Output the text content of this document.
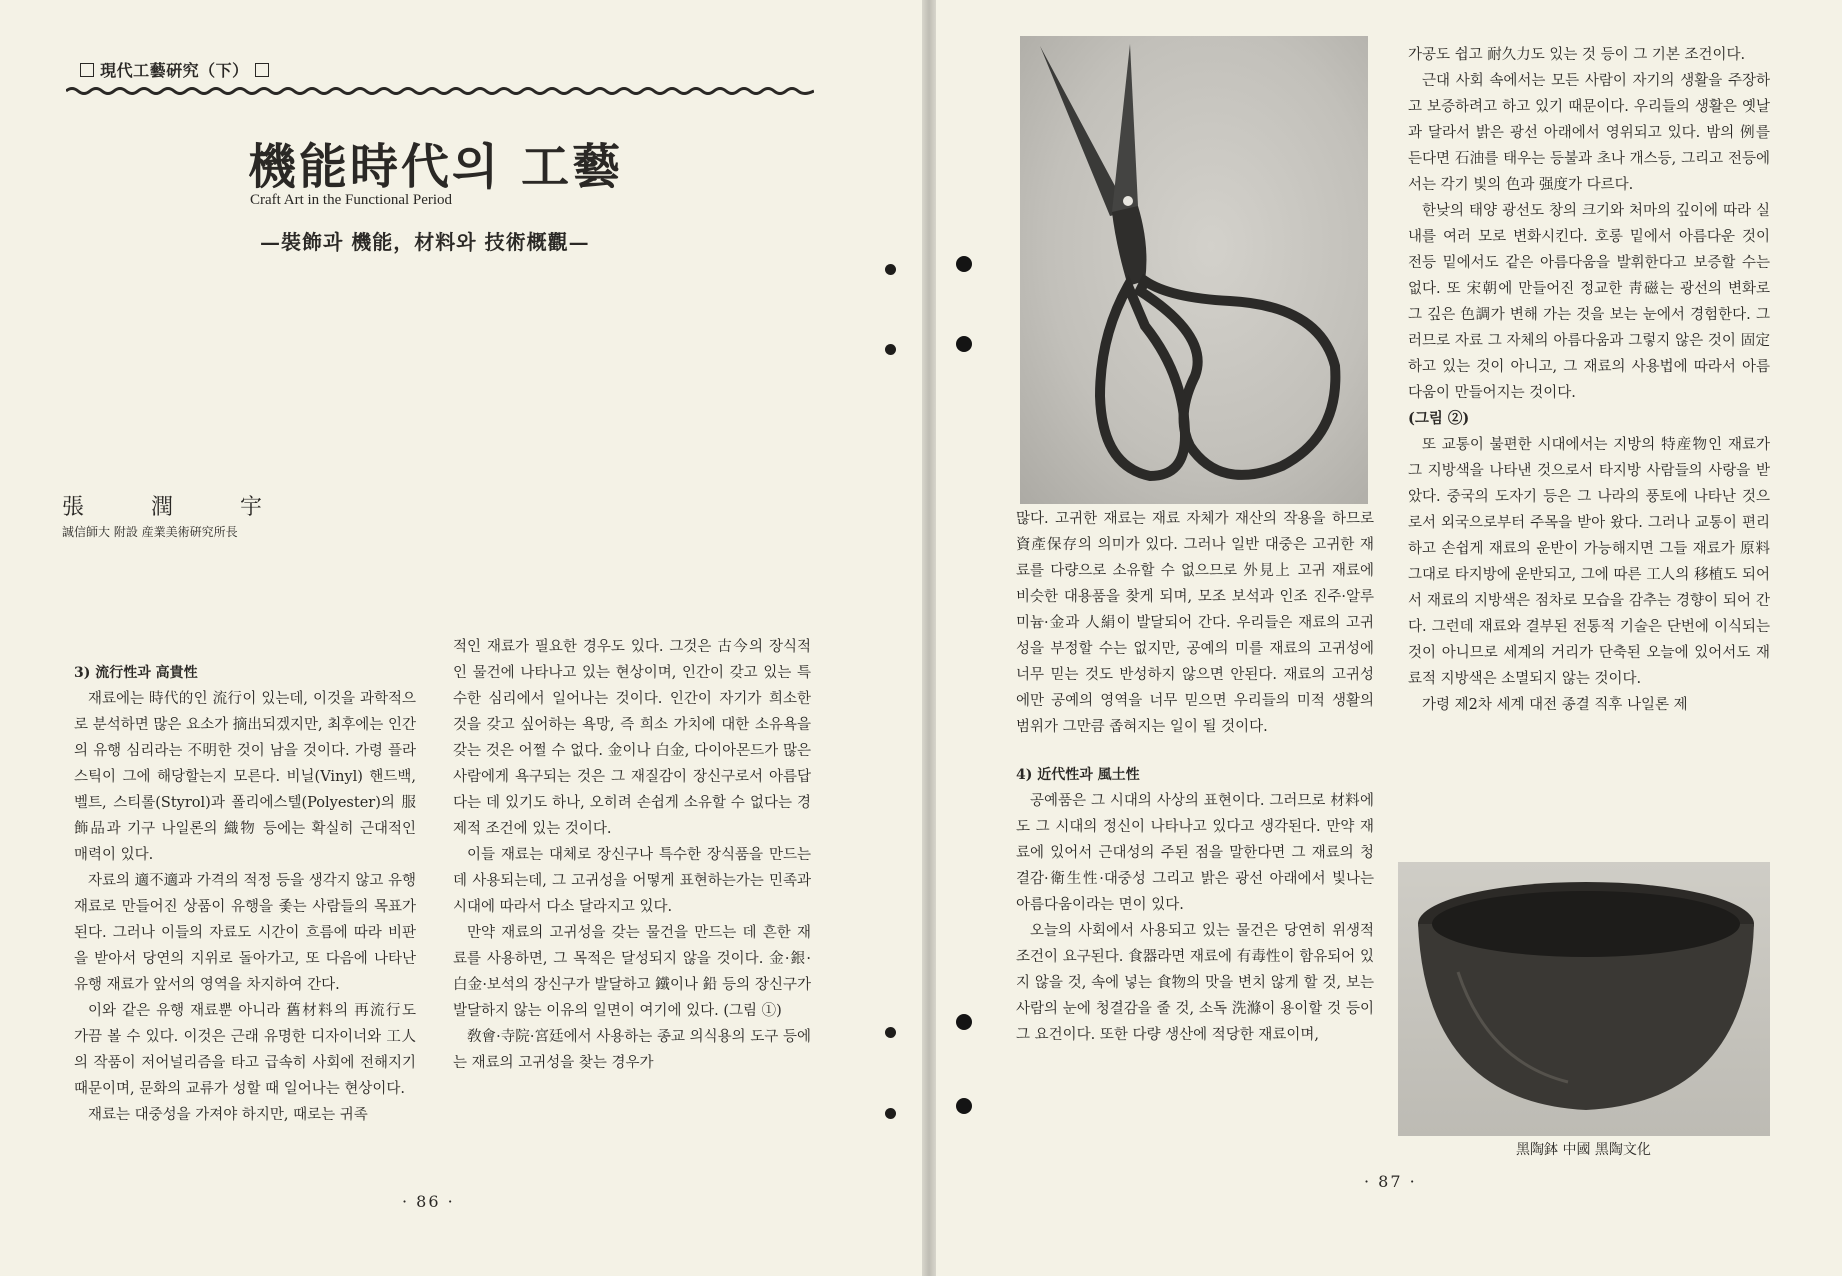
現代工藝硏究（下）
機能時代의 工藝
Craft Art in the Functional Period
—裝飾과 機能，材料와 技術概觀—
張	潤	宇
誠信師大 附設 産業美術硏究所長
3) 流行性과 高貴性

재료에는 時代的인 流行이 있는데, 이것을 과학적으로 분석하면 많은 요소가 摘出되겠지만, 최후에는 인간의 유행 심리라는 不明한 것이 남을 것이다. 가령 플라스틱이 그에 해당할는지 모른다. 비닐(Vinyl) 핸드백, 벨트, 스티롤(Styrol)과 폴리에스텔(Polyester)의 服飾品과 기구 나일론의 織物 등에는 확실히 근대적인 매력이 있다.

자료의 適不適과 가격의 적정 등을 생각지 않고 유행 재료로 만들어진 상품이 유행을 좇는 사람들의 목표가 된다. 그러나 이들의 자료도 시간이 흐름에 따라 비판을 받아서 당연의 지위로 돌아가고, 또 다음에 나타난 유행 재료가 앞서의 영역을 차지하여 간다.

이와 같은 유행 재료뿐 아니라 舊材料의 再流行도 가끔 볼 수 있다. 이것은 근래 유명한 디자이너와 工人의 작품이 저어널리즘을 타고 급속히 사회에 전해지기 때문이며, 문화의 교류가 성할 때 일어나는 현상이다.

재료는 대중성을 가져야 하지만, 때로는 귀족

적인 재료가 필요한 경우도 있다. 그것은 古今의 장식적인 물건에 나타나고 있는 현상이며, 인간이 갖고 있는 특수한 심리에서 일어나는 것이다. 인간이 자기가 희소한 것을 갖고 싶어하는 욕망, 즉 희소 가치에 대한 소유욕을 갖는 것은 어쩔 수 없다. 金이나 白金, 다이아몬드가 많은 사람에게 욕구되는 것은 그 재질감이 장신구로서 아름답다는 데 있기도 하나, 오히려 손쉽게 소유할 수 없다는 경제적 조건에 있는 것이다.

이들 재료는 대체로 장신구나 특수한 장식품을 만드는 데 사용되는데, 그 고귀성을 어떻게 표현하는가는 민족과 시대에 따라서 다소 달라지고 있다.

만약 재료의 고귀성을 갖는 물건을 만드는 데 흔한 재료를 사용하면, 그 목적은 달성되지 않을 것이다. 金·銀·白金·보석의 장신구가 발달하고 鐵이나 鉛 등의 장신구가 발달하지 않는 이유의 일면이 여기에 있다. (그림 ①)

敎會·寺院·宮廷에서 사용하는 종교 의식용의 도구 등에는 재료의 고귀성을 찾는 경우가

· 86 ·
黑陶鉢 中國 黑陶文化

많다. 고귀한 재료는 재료 자체가 재산의 작용을 하므로 資產保存의 의미가 있다. 그러나 일반 대중은 고귀한 재료를 다량으로 소유할 수 없으므로 外見上 고귀 재료에 비슷한 대용품을 찾게 되며, 모조 보석과 인조 진주·알루미늄·金과 人絹이 발달되어 간다. 우리들은 재료의 고귀성을 부정할 수는 없지만, 공예의 미를 재료의 고귀성에 너무 믿는 것도 반성하지 않으면 안된다. 재료의 고귀성에만 공예의 영역을 너무 믿으면 우리들의 미적 생활의 범위가 그만큼 좁혀지는 일이 될 것이다.

4) 近代性과 風土性

공예품은 그 시대의 사상의 표현이다. 그러므로 材料에도 그 시대의 정신이 나타나고 있다고 생각된다. 만약 재료에 있어서 근대성의 주된 점을 말한다면 그 재료의 청결감·衛生性·대중성 그리고 밝은 광선 아래에서 빛나는 아름다움이라는 면이 있다.

오늘의 사회에서 사용되고 있는 물건은 당연히 위생적 조건이 요구된다. 食器라면 재료에 有毒性이 함유되어 있지 않을 것, 속에 넣는 食物의 맛을 변치 않게 할 것, 보는 사람의 눈에 청결감을 줄 것, 소독 洗滌이 용이할 것 등이 그 요건이다. 또한 다량 생산에 적당한 재료이며,

가공도 쉽고 耐久力도 있는 것 등이 그 기본 조건이다.

근대 사회 속에서는 모든 사람이 자기의 생활을 주장하고 보증하려고 하고 있기 때문이다. 우리들의 생활은 옛날과 달라서 밝은 광선 아래에서 영위되고 있다. 밤의 例를 든다면 石油를 태우는 등불과 초나 개스등, 그리고 전등에서는 각기 빛의 色과 强度가 다르다.

한낮의 태양 광선도 창의 크기와 처마의 깊이에 따라 실내를 여러 모로 변화시킨다. 호롱 밑에서 아름다운 것이 전등 밑에서도 같은 아름다움을 발휘한다고 보증할 수는 없다. 또 宋朝에 만들어진 정교한 靑磁는 광선의 변화로 그 깊은 色調가 변해 가는 것을 보는 눈에서 경험한다. 그러므로 자료 그 자체의 아름다움과 그렇지 않은 것이 固定하고 있는 것이 아니고, 그 재료의 사용법에 따라서 아름다움이 만들어지는 것이다.

(그림 ②)

또 교통이 불편한 시대에서는 지방의 特産物인 재료가 그 지방색을 나타낸 것으로서 타지방 사람들의 사랑을 받았다. 중국의 도자기 등은 그 나라의 풍토에 나타난 것으로서 외국으로부터 주목을 받아 왔다. 그러나 교통이 편리하고 손쉽게 재료의 운반이 가능해지면 그들 재료가 原料 그대로 타지방에 운반되고, 그에 따른 工人의 移植도 되어서 재료의 지방색은 점차로 모습을 감추는 경향이 되어 간다. 그런데 재료와 결부된 전통적 기술은 단번에 이식되는 것이 아니므로 세계의 거리가 단축된 오늘에 있어서도 재료적 지방색은 소멸되지 않는 것이다.

가령 제2차 세계 대전 종결 직후 나일론 제

· 87 ·
